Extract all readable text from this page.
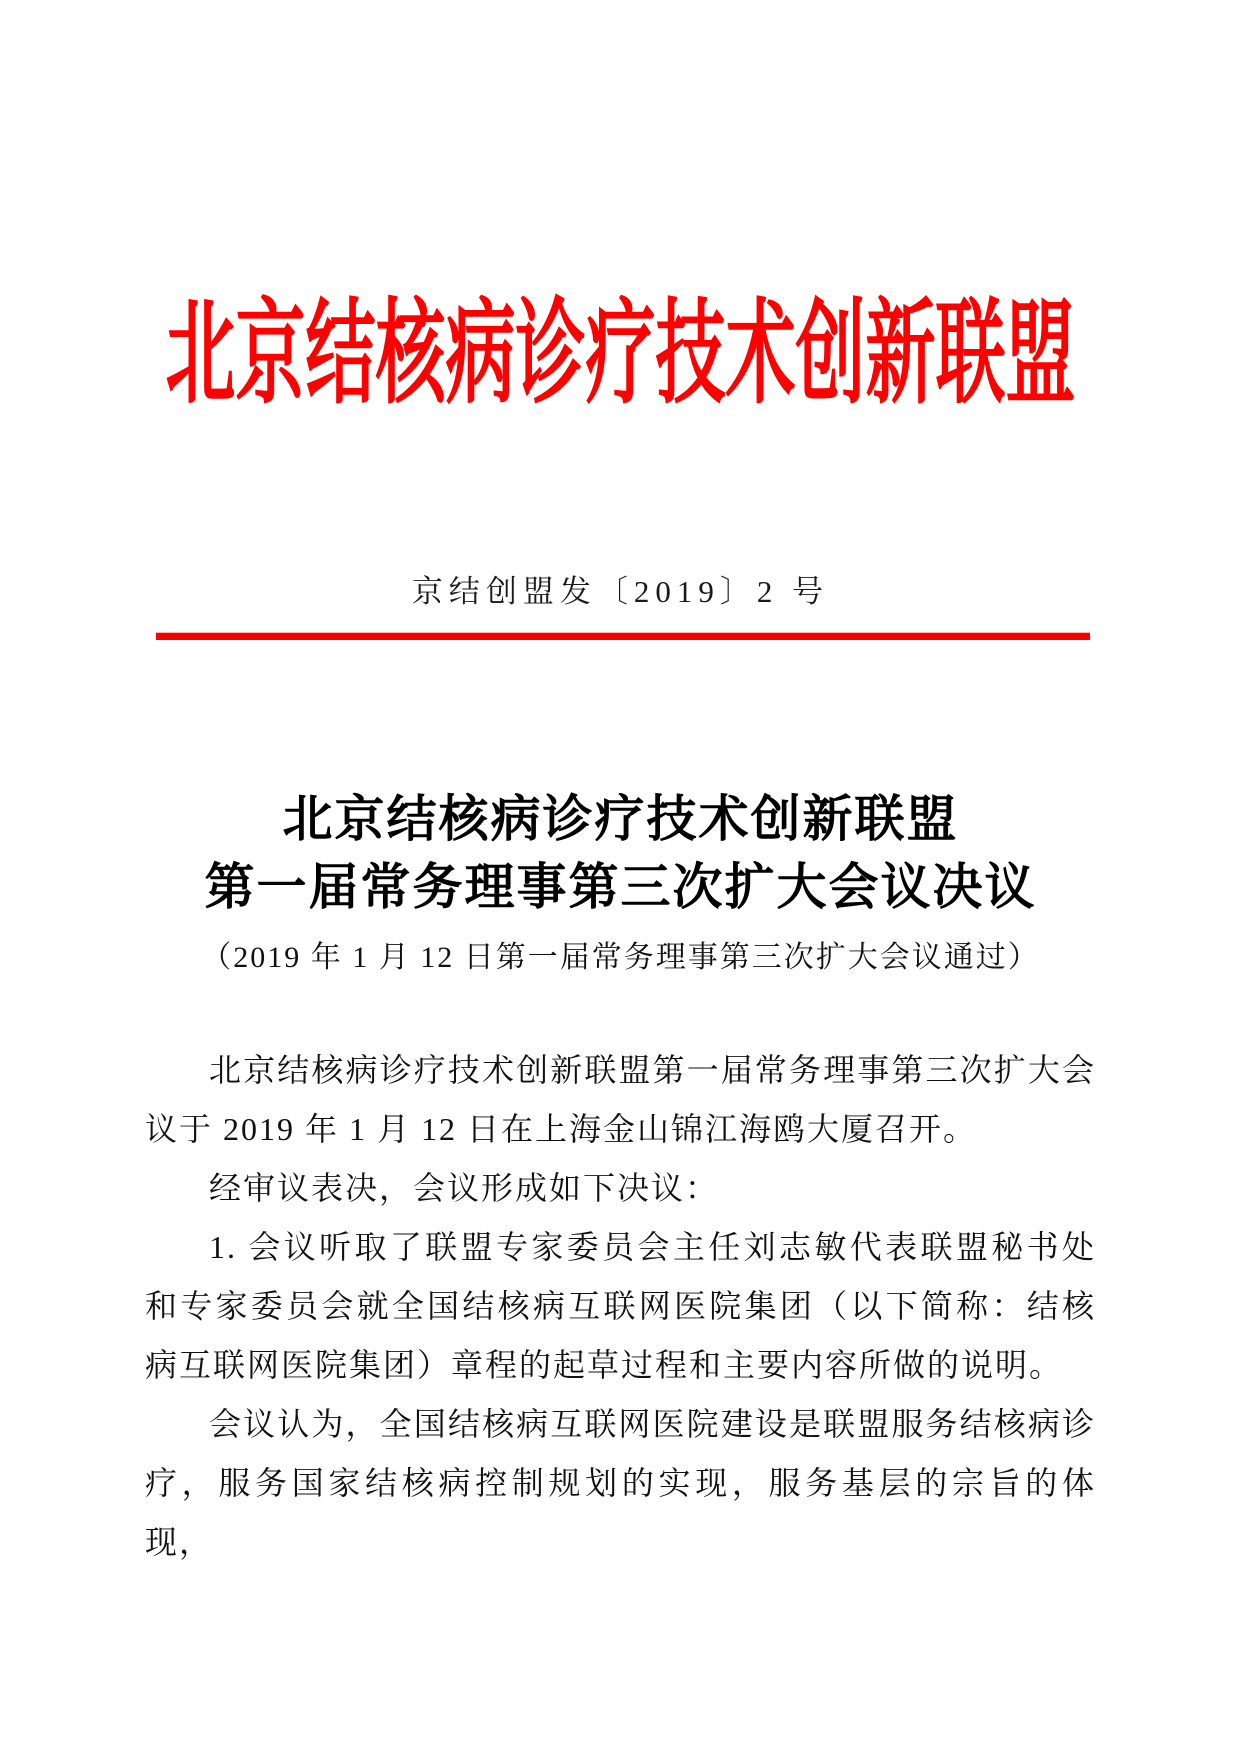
北京结核病诊疗技术创新联盟
京结创盟发〔2019〕2 号
北京结核病诊疗技术创新联盟
第一届常务理事第三次扩大会议决议
（2019 年 1 月 12 日第一届常务理事第三次扩大会议通过）

北京结核病诊疗技术创新联盟第一届常务理事第三次扩大会议于 2019 年 1 月 12 日在上海金山锦江海鸥大厦召开。

经审议表决，会议形成如下决议：

1. 会议听取了联盟专家委员会主任刘志敏代表联盟秘书处和专家委员会就全国结核病互联网医院集团（以下简称：结核病互联网医院集团）章程的起草过程和主要内容所做的说明。

会议认为，全国结核病互联网医院建设是联盟服务结核病诊疗，服务国家结核病控制规划的实现，服务基层的宗旨的体现，
